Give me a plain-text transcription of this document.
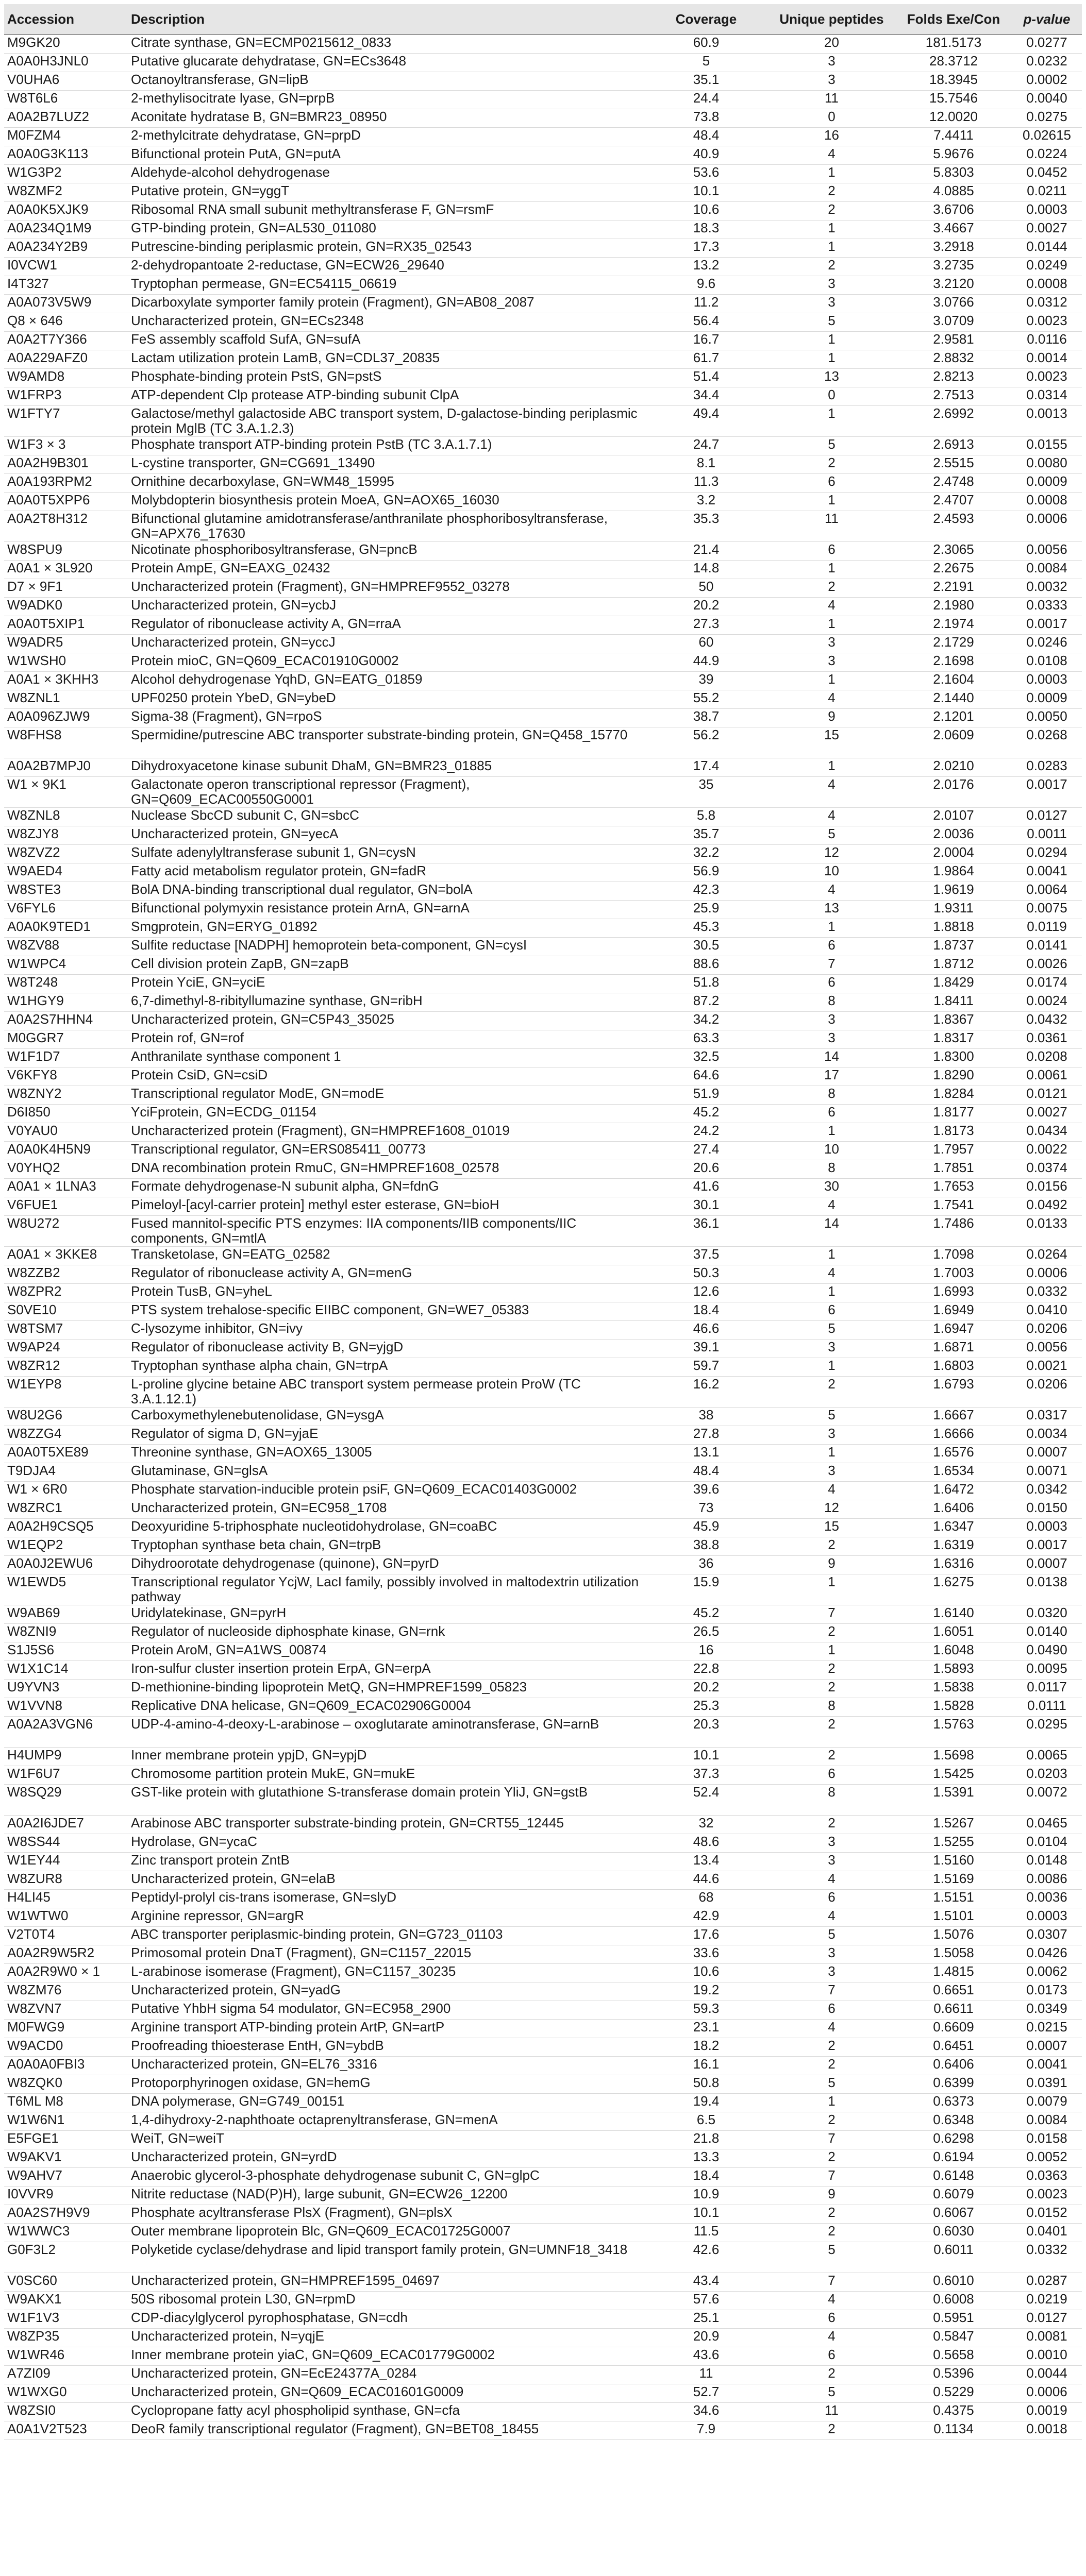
Accession	Description	Coverage	Unique peptides	Folds Exe/Con	p-value
M9GK20	Citrate synthase, GN=ECMP0215612_0833	60.9	20	181.5173	0.0277
A0A0H3JNL0	Putative glucarate dehydratase, GN=ECs3648	5	3	28.3712	0.0232
V0UHA6	Octanoyltransferase, GN=lipB	35.1	3	18.3945	0.0002
W8T6L6	2-methylisocitrate lyase, GN=prpB	24.4	11	15.7546	0.0040
A0A2B7LUZ2	Aconitate hydratase B, GN=BMR23_08950	73.8	0	12.0020	0.0275
M0FZM4	2-methylcitrate dehydratase, GN=prpD	48.4	16	7.4411	0.02615
A0A0G3K113	Bifunctional protein PutA, GN=putA	40.9	4	5.9676	0.0224
W1G3P2	Aldehyde-alcohol dehydrogenase	53.6	1	5.8303	0.0452
W8ZMF2	Putative protein, GN=yggT	10.1	2	4.0885	0.0211
A0A0K5XJK9	Ribosomal RNA small subunit methyltransferase F, GN=rsmF	10.6	2	3.6706	0.0003
A0A234Q1M9	GTP-binding protein, GN=AL530_011080	18.3	1	3.4667	0.0027
A0A234Y2B9	Putrescine-binding periplasmic protein, GN=RX35_02543	17.3	1	3.2918	0.0144
I0VCW1	2-dehydropantoate 2-reductase, GN=ECW26_29640	13.2	2	3.2735	0.0249
I4T327	Tryptophan permease, GN=EC54115_06619	9.6	3	3.2120	0.0008
A0A073V5W9	Dicarboxylate symporter family protein (Fragment), GN=AB08_2087	11.2	3	3.0766	0.0312
Q8 × 646	Uncharacterized protein, GN=ECs2348	56.4	5	3.0709	0.0023
A0A2T7Y366	FeS assembly scaffold SufA, GN=sufA	16.7	1	2.9581	0.0116
A0A229AFZ0	Lactam utilization protein LamB, GN=CDL37_20835	61.7	1	2.8832	0.0014
W9AMD8	Phosphate-binding protein PstS, GN=pstS	51.4	13	2.8213	0.0023
W1FRP3	ATP-dependent Clp protease ATP-binding subunit ClpA	34.4	0	2.7513	0.0314
W1FTY7	Galactose/methyl galactoside ABC transport system, D-galactose-binding periplasmic protein MglB (TC 3.A.1.2.3)	49.4	1	2.6992	0.0013
W1F3 × 3	Phosphate transport ATP-binding protein PstB (TC 3.A.1.7.1)	24.7	5	2.6913	0.0155
A0A2H9B301	L-cystine transporter, GN=CG691_13490	8.1	2	2.5515	0.0080
A0A193RPM2	Ornithine decarboxylase, GN=WM48_15995	11.3	6	2.4748	0.0009
A0A0T5XPP6	Molybdopterin biosynthesis protein MoeA, GN=AOX65_16030	3.2	1	2.4707	0.0008
A0A2T8H312	Bifunctional glutamine amidotransferase/anthranilate phosphoribosyltransferase, GN=APX76_17630	35.3	11	2.4593	0.0006
W8SPU9	Nicotinate phosphoribosyltransferase, GN=pncB	21.4	6	2.3065	0.0056
A0A1 × 3L920	Protein AmpE, GN=EAXG_02432	14.8	1	2.2675	0.0084
D7 × 9F1	Uncharacterized protein (Fragment), GN=HMPREF9552_03278	50	2	2.2191	0.0032
W9ADK0	Uncharacterized protein, GN=ycbJ	20.2	4	2.1980	0.0333
A0A0T5XIP1	Regulator of ribonuclease activity A, GN=rraA	27.3	1	2.1974	0.0017
W9ADR5	Uncharacterized protein, GN=yccJ	60	3	2.1729	0.0246
W1WSH0	Protein mioC, GN=Q609_ECAC01910G0002	44.9	3	2.1698	0.0108
A0A1 × 3KHH3	Alcohol dehydrogenase YqhD, GN=EATG_01859	39	1	2.1604	0.0003
W8ZNL1	UPF0250 protein YbeD, GN=ybeD	55.2	4	2.1440	0.0009
A0A096ZJW9	Sigma-38 (Fragment), GN=rpoS	38.7	9	2.1201	0.0050
W8FHS8	Spermidine/putrescine ABC transporter substrate-binding protein, GN=Q458_15770	56.2	15	2.0609	0.0268
A0A2B7MPJ0	Dihydroxyacetone kinase subunit DhaM, GN=BMR23_01885	17.4	1	2.0210	0.0283
W1 × 9K1	Galactonate operon transcriptional repressor (Fragment), GN=Q609_ECAC00550G0001	35	4	2.0176	0.0017
W8ZNL8	Nuclease SbcCD subunit C, GN=sbcC	5.8	4	2.0107	0.0127
W8ZJY8	Uncharacterized protein, GN=yecA	35.7	5	2.0036	0.0011
W8ZVZ2	Sulfate adenylyltransferase subunit 1, GN=cysN	32.2	12	2.0004	0.0294
W9AED4	Fatty acid metabolism regulator protein, GN=fadR	56.9	10	1.9864	0.0041
W8STE3	BolA DNA-binding transcriptional dual regulator, GN=bolA	42.3	4	1.9619	0.0064
V6FYL6	Bifunctional polymyxin resistance protein ArnA, GN=arnA	25.9	13	1.9311	0.0075
A0A0K9TED1	Smgprotein, GN=ERYG_01892	45.3	1	1.8818	0.0119
W8ZV88	Sulfite reductase [NADPH] hemoprotein beta-component, GN=cysI	30.5	6	1.8737	0.0141
W1WPC4	Cell division protein ZapB, GN=zapB	88.6	7	1.8712	0.0026
W8T248	Protein YciE, GN=yciE	51.8	6	1.8429	0.0174
W1HGY9	6,7-dimethyl-8-ribityllumazine synthase, GN=ribH	87.2	8	1.8411	0.0024
A0A2S7HHN4	Uncharacterized protein, GN=C5P43_35025	34.2	3	1.8367	0.0432
M0GGR7	Protein rof, GN=rof	63.3	3	1.8317	0.0361
W1F1D7	Anthranilate synthase component 1	32.5	14	1.8300	0.0208
V6KFY8	Protein CsiD, GN=csiD	64.6	17	1.8290	0.0061
W8ZNY2	Transcriptional regulator ModE, GN=modE	51.9	8	1.8284	0.0121
D6I850	YciFprotein, GN=ECDG_01154	45.2	6	1.8177	0.0027
V0YAU0	Uncharacterized protein (Fragment), GN=HMPREF1608_01019	24.2	1	1.8173	0.0434
A0A0K4H5N9	Transcriptional regulator, GN=ERS085411_00773	27.4	10	1.7957	0.0022
V0YHQ2	DNA recombination protein RmuC, GN=HMPREF1608_02578	20.6	8	1.7851	0.0374
A0A1 × 1LNA3	Formate dehydrogenase-N subunit alpha, GN=fdnG	41.6	30	1.7653	0.0156
V6FUE1	Pimeloyl-[acyl-carrier protein] methyl ester esterase, GN=bioH	30.1	4	1.7541	0.0492
W8U272	Fused mannitol-specific PTS enzymes: IIA components/IIB components/IIC components, GN=mtlA	36.1	14	1.7486	0.0133
A0A1 × 3KKE8	Transketolase, GN=EATG_02582	37.5	1	1.7098	0.0264
W8ZZB2	Regulator of ribonuclease activity A, GN=menG	50.3	4	1.7003	0.0006
W8ZPR2	Protein TusB, GN=yheL	12.6	1	1.6993	0.0332
S0VE10	PTS system trehalose-specific EIIBC component, GN=WE7_05383	18.4	6	1.6949	0.0410
W8TSM7	C-lysozyme inhibitor, GN=ivy	46.6	5	1.6947	0.0206
W9AP24	Regulator of ribonuclease activity B, GN=yjgD	39.1	3	1.6871	0.0056
W8ZR12	Tryptophan synthase alpha chain, GN=trpA	59.7	1	1.6803	0.0021
W1EYP8	L-proline glycine betaine ABC transport system permease protein ProW (TC 3.A.1.12.1)	16.2	2	1.6793	0.0206
W8U2G6	Carboxymethylenebutenolidase, GN=ysgA	38	5	1.6667	0.0317
W8ZZG4	Regulator of sigma D, GN=yjaE	27.8	3	1.6666	0.0034
A0A0T5XE89	Threonine synthase, GN=AOX65_13005	13.1	1	1.6576	0.0007
T9DJA4	Glutaminase, GN=glsA	48.4	3	1.6534	0.0071
W1 × 6R0	Phosphate starvation-inducible protein psiF, GN=Q609_ECAC01403G0002	39.6	4	1.6472	0.0342
W8ZRC1	Uncharacterized protein, GN=EC958_1708	73	12	1.6406	0.0150
A0A2H9CSQ5	Deoxyuridine 5-triphosphate nucleotidohydrolase, GN=coaBC	45.9	15	1.6347	0.0003
W1EQP2	Tryptophan synthase beta chain, GN=trpB	38.8	2	1.6319	0.0017
A0A0J2EWU6	Dihydroorotate dehydrogenase (quinone), GN=pyrD	36	9	1.6316	0.0007
W1EWD5	Transcriptional regulator YcjW, LacI family, possibly involved in maltodextrin utilization pathway	15.9	1	1.6275	0.0138
W9AB69	Uridylatekinase, GN=pyrH	45.2	7	1.6140	0.0320
W8ZNI9	Regulator of nucleoside diphosphate kinase, GN=rnk	26.5	2	1.6051	0.0140
S1J5S6	Protein AroM, GN=A1WS_00874	16	1	1.6048	0.0490
W1X1C14	Iron-sulfur cluster insertion protein ErpA, GN=erpA	22.8	2	1.5893	0.0095
U9YVN3	D-methionine-binding lipoprotein MetQ, GN=HMPREF1599_05823	20.2	2	1.5838	0.0117
W1VVN8	Replicative DNA helicase, GN=Q609_ECAC02906G0004	25.3	8	1.5828	0.0111
A0A2A3VGN6	UDP-4-amino-4-deoxy-L-arabinose – oxoglutarate aminotransferase, GN=arnB	20.3	2	1.5763	0.0295
H4UMP9	Inner membrane protein ypjD, GN=ypjD	10.1	2	1.5698	0.0065
W1F6U7	Chromosome partition protein MukE, GN=mukE	37.3	6	1.5425	0.0203
W8SQ29	GST-like protein with glutathione S-transferase domain protein YliJ, GN=gstB	52.4	8	1.5391	0.0072
A0A2I6JDE7	Arabinose ABC transporter substrate-binding protein, GN=CRT55_12445	32	2	1.5267	0.0465
W8SS44	Hydrolase, GN=ycaC	48.6	3	1.5255	0.0104
W1EY44	Zinc transport protein ZntB	13.4	3	1.5160	0.0148
W8ZUR8	Uncharacterized protein, GN=elaB	44.6	4	1.5169	0.0086
H4LI45	Peptidyl-prolyl cis-trans isomerase, GN=slyD	68	6	1.5151	0.0036
W1WTW0	Arginine repressor, GN=argR	42.9	4	1.5101	0.0003
V2T0T4	ABC transporter periplasmic-binding protein, GN=G723_01103	17.6	5	1.5076	0.0307
A0A2R9W5R2	Primosomal protein DnaT (Fragment), GN=C1157_22015	33.6	3	1.5058	0.0426
A0A2R9W0 × 1	L-arabinose isomerase (Fragment), GN=C1157_30235	10.6	3	1.4815	0.0062
W8ZM76	Uncharacterized protein, GN=yadG	19.2	7	0.6651	0.0173
W8ZVN7	Putative YhbH sigma 54 modulator, GN=EC958_2900	59.3	6	0.6611	0.0349
M0FWG9	Arginine transport ATP-binding protein ArtP, GN=artP	23.1	4	0.6609	0.0215
W9ACD0	Proofreading thioesterase EntH, GN=ybdB	18.2	2	0.6451	0.0007
A0A0A0FBI3	Uncharacterized protein, GN=EL76_3316	16.1	2	0.6406	0.0041
W8ZQK0	Protoporphyrinogen oxidase, GN=hemG	50.8	5	0.6399	0.0391
T6ML M8	DNA polymerase, GN=G749_00151	19.4	1	0.6373	0.0079
W1W6N1	1,4-dihydroxy-2-naphthoate octaprenyltransferase, GN=menA	6.5	2	0.6348	0.0084
E5FGE1	WeiT, GN=weiT	21.8	7	0.6298	0.0158
W9AKV1	Uncharacterized protein, GN=yrdD	13.3	2	0.6194	0.0052
W9AHV7	Anaerobic glycerol-3-phosphate dehydrogenase subunit C, GN=glpC	18.4	7	0.6148	0.0363
I0VVR9	Nitrite reductase (NAD(P)H), large subunit, GN=ECW26_12200	10.9	9	0.6079	0.0023
A0A2S7H9V9	Phosphate acyltransferase PlsX (Fragment), GN=plsX	10.1	2	0.6067	0.0152
W1WWC3	Outer membrane lipoprotein Blc, GN=Q609_ECAC01725G0007	11.5	2	0.6030	0.0401
G0F3L2	Polyketide cyclase/dehydrase and lipid transport family protein, GN=UMNF18_3418	42.6	5	0.6011	0.0332
V0SC60	Uncharacterized protein, GN=HMPREF1595_04697	43.4	7	0.6010	0.0287
W9AKX1	50S ribosomal protein L30, GN=rpmD	57.6	4	0.6008	0.0219
W1F1V3	CDP-diacylglycerol pyrophosphatase, GN=cdh	25.1	6	0.5951	0.0127
W8ZP35	Uncharacterized protein, N=yqjE	20.9	4	0.5847	0.0081
W1WR46	Inner membrane protein yiaC, GN=Q609_ECAC01779G0002	43.6	6	0.5658	0.0010
A7ZI09	Uncharacterized protein, GN=EcE24377A_0284	11	2	0.5396	0.0044
W1WXG0	Uncharacterized protein, GN=Q609_ECAC01601G0009	52.7	5	0.5229	0.0006
W8ZSI0	Cyclopropane fatty acyl phospholipid synthase, GN=cfa	34.6	11	0.4375	0.0019
A0A1V2T523	DeoR family transcriptional regulator (Fragment), GN=BET08_18455	7.9	2	0.1134	0.0018
